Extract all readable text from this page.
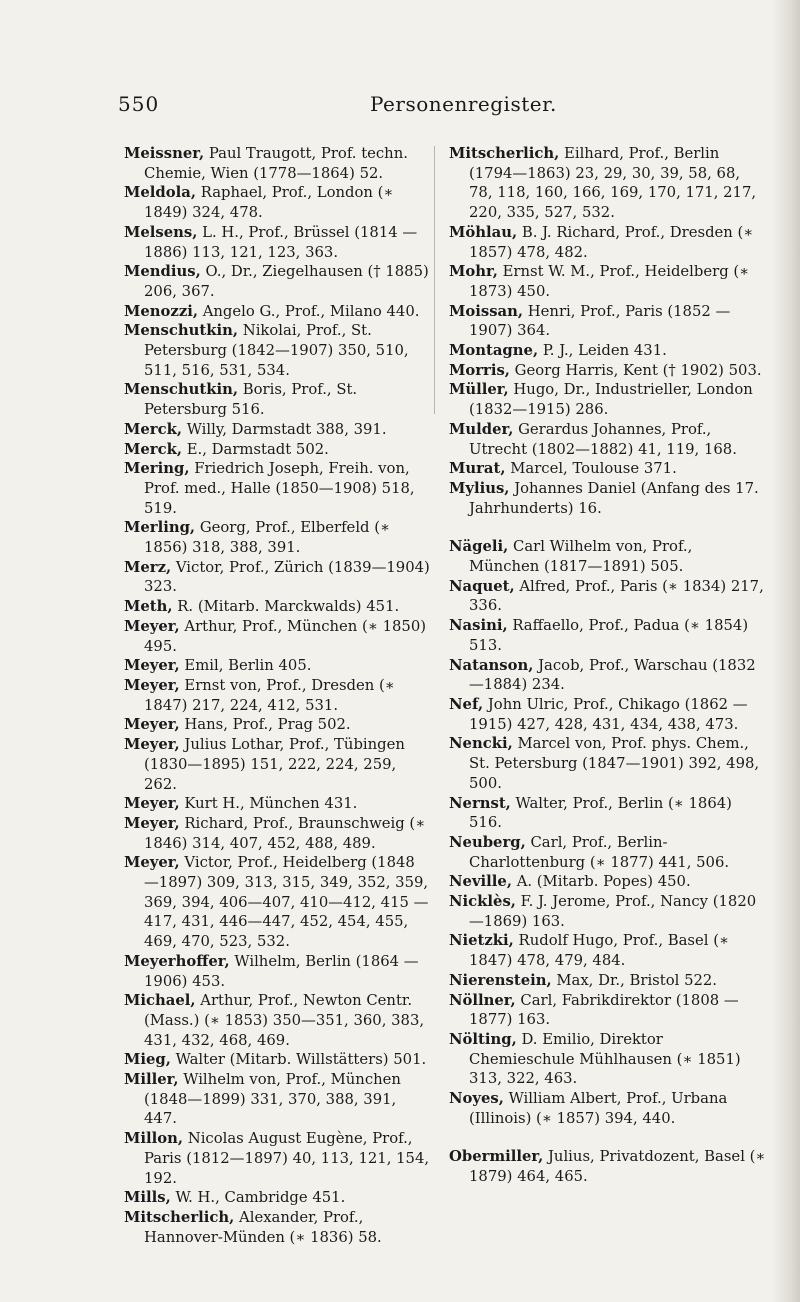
550	Personenregister.

Meissner, Paul Traugott, Prof. techn. Chemie, Wien (1778—1864) 52.

Meldola, Raphael, Prof., London (∗ 1849) 324, 478.

Melsens, L. H., Prof., Brüssel (1814 —1886) 113, 121, 123, 363.

Mendius, O., Dr., Ziegelhausen († 1885) 206, 367.

Menozzi, Angelo G., Prof., Milano 440.

Menschutkin, Nikolai, Prof., St. Petersburg (1842—1907) 350, 510, 511, 516, 531, 534.

Menschutkin, Boris, Prof., St. Petersburg 516.

Merck, Willy, Darmstadt 388, 391.

Merck, E., Darmstadt 502.

Mering, Friedrich Joseph, Freih. von, Prof. med., Halle (1850—1908) 518, 519.

Merling, Georg, Prof., Elberfeld (∗ 1856) 318, 388, 391.

Merz, Victor, Prof., Zürich (1839—1904) 323.

Meth, R. (Mitarb. Marckwalds) 451.

Meyer, Arthur, Prof., München (∗ 1850) 495.

Meyer, Emil, Berlin 405.

Meyer, Ernst von, Prof., Dresden (∗ 1847) 217, 224, 412, 531.

Meyer, Hans, Prof., Prag 502.

Meyer, Julius Lothar, Prof., Tübingen (1830—1895) 151, 222, 224, 259, 262.

Meyer, Kurt H., München 431.

Meyer, Richard, Prof., Braunschweig (∗ 1846) 314, 407, 452, 488, 489.

Meyer, Victor, Prof., Heidelberg (1848 —1897) 309, 313, 315, 349, 352, 359, 369, 394, 406—407, 410—412, 415 —417, 431, 446—447, 452, 454, 455, 469, 470, 523, 532.

Meyerhoffer, Wilhelm, Berlin (1864 —1906) 453.

Michael, Arthur, Prof., Newton Centr. (Mass.) (∗ 1853) 350—351, 360, 383, 431, 432, 468, 469.

Mieg, Walter (Mitarb. Willstätters) 501.

Miller, Wilhelm von, Prof., München (1848—1899) 331, 370, 388, 391, 447.

Millon, Nicolas August Eugène, Prof., Paris (1812—1897) 40, 113, 121, 154, 192.

Mills, W. H., Cambridge 451.

Mitscherlich, Alexander, Prof., Hannover-Münden (∗ 1836) 58.

Mitscherlich, Eilhard, Prof., Berlin (1794—1863) 23, 29, 30, 39, 58, 68, 78, 118, 160, 166, 169, 170, 171, 217, 220, 335, 527, 532.

Möhlau, B. J. Richard, Prof., Dresden (∗ 1857) 478, 482.

Mohr, Ernst W. M., Prof., Heidelberg (∗ 1873) 450.

Moissan, Henri, Prof., Paris (1852 —1907) 364.

Montagne, P. J., Leiden 431.

Morris, Georg Harris, Kent († 1902) 503.

Müller, Hugo, Dr., Industrieller, London (1832—1915) 286.

Mulder, Gerardus Johannes, Prof., Utrecht (1802—1882) 41, 119, 168.

Murat, Marcel, Toulouse 371.

Mylius, Johannes Daniel (Anfang des 17. Jahrhunderts) 16.

Nägeli, Carl Wilhelm von, Prof., München (1817—1891) 505.

Naquet, Alfred, Prof., Paris (∗ 1834) 217, 336.

Nasini, Raffaello, Prof., Padua (∗ 1854) 513.

Natanson, Jacob, Prof., Warschau (1832—1884) 234.

Nef, John Ulric, Prof., Chikago (1862 —1915) 427, 428, 431, 434, 438, 473.

Nencki, Marcel von, Prof. phys. Chem., St. Petersburg (1847—1901) 392, 498, 500.

Nernst, Walter, Prof., Berlin (∗ 1864) 516.

Neuberg, Carl, Prof., Berlin-Charlottenburg (∗ 1877) 441, 506.

Neville, A. (Mitarb. Popes) 450.

Nicklès, F. J. Jerome, Prof., Nancy (1820—1869) 163.

Nietzki, Rudolf Hugo, Prof., Basel (∗ 1847) 478, 479, 484.

Nierenstein, Max, Dr., Bristol 522.

Nöllner, Carl, Fabrikdirektor (1808 —1877) 163.

Nölting, D. Emilio, Direktor Chemieschule Mühlhausen (∗ 1851) 313, 322, 463.

Noyes, William Albert, Prof., Urbana (Illinois) (∗ 1857) 394, 440.

Obermiller, Julius, Privatdozent, Basel (∗ 1879) 464, 465.
